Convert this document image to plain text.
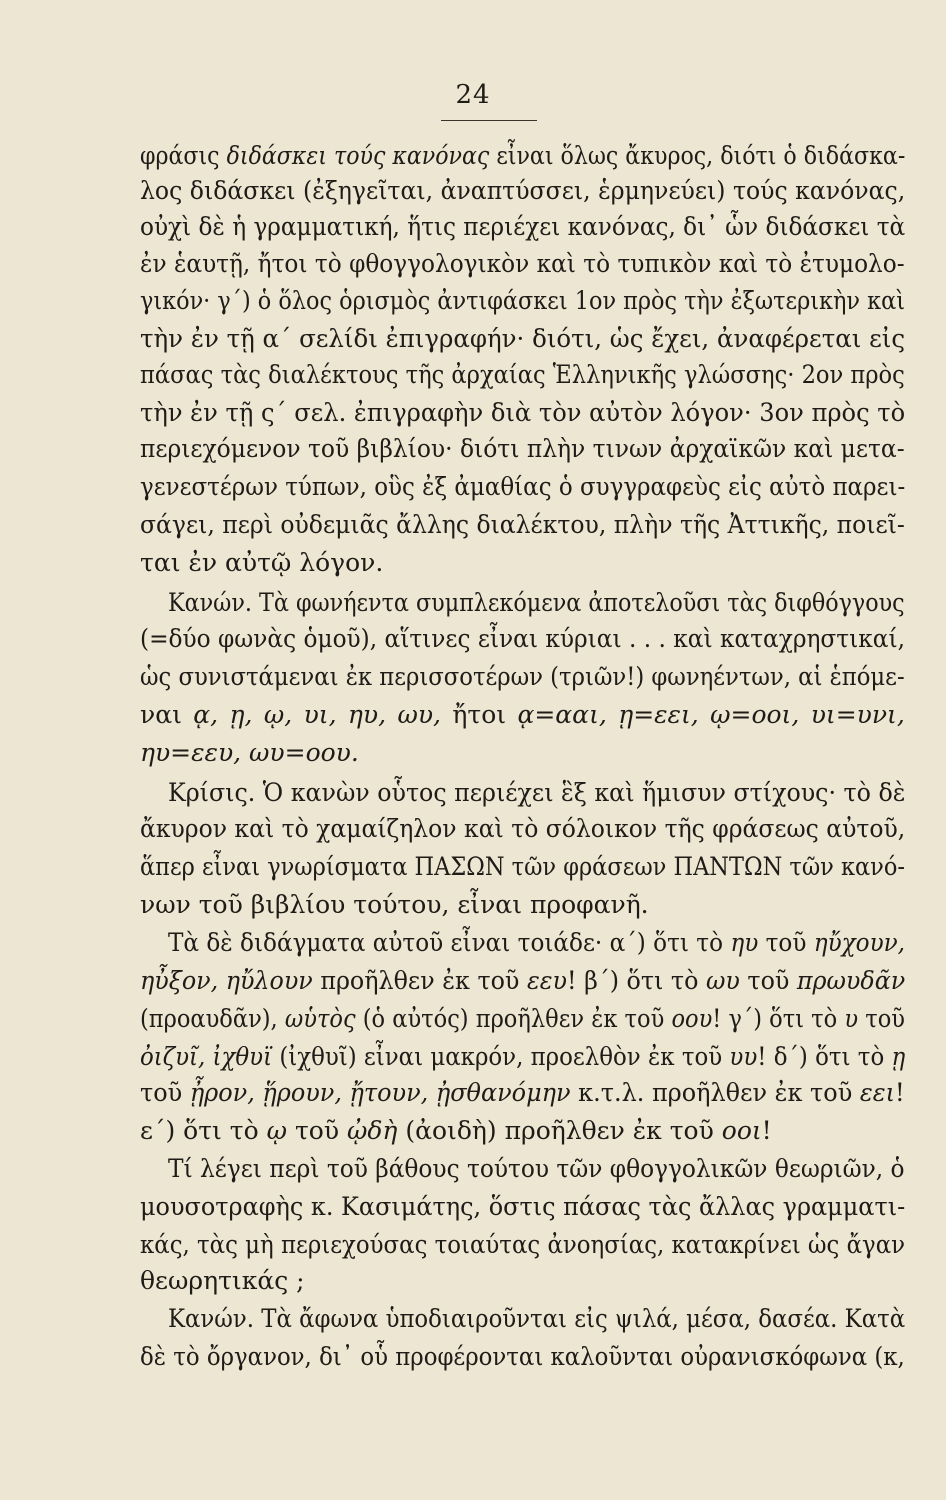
24
φράσις διδάσκει τούς κανόνας εἶναι ὅλως ἄκυρος, διότι ὁ διδάσκα-
λος διδάσκει (ἐξηγεῖται, ἀναπτύσσει, ἑρμηνεύει) τούς κανόνας,
οὐχὶ δὲ ἡ γραμματική, ἥτις περιέχει κανόνας, δι᾽ ὧν διδάσκει τὰ
ἐν ἑαυτῇ, ἤτοι τὸ φθογγολογικὸν καὶ τὸ τυπικὸν καὶ τὸ ἐτυμολο-
γικόν· γ΄) ὁ ὅλος ὁρισμὸς ἀντιφάσκει 1ον πρὸς τὴν ἐξωτερικὴν καὶ
τὴν ἐν τῇ α΄ σελίδι ἐπιγραφήν· διότι, ὡς ἔχει, ἀναφέρεται εἰς
πάσας τὰς διαλέκτους τῆς ἀρχαίας Ἑλληνικῆς γλώσσης· 2ον πρὸς
τὴν ἐν τῇ ς΄ σελ. ἐπιγραφὴν διὰ τὸν αὐτὸν λόγον· 3ον πρὸς τὸ
περιεχόμενον τοῦ βιβλίου· διότι πλὴν τινων ἀρχαϊκῶν καὶ μετα-
γενεστέρων τύπων, οὓς ἐξ ἀμαθίας ὁ συγγραφεὺς εἰς αὐτὸ παρει-
σάγει, περὶ οὐδεμιᾶς ἄλλης διαλέκτου, πλὴν τῆς Ἀττικῆς, ποιεῖ-
ται ἐν αὐτῷ λόγον.
Κανών. Τὰ φωνήεντα συμπλεκόμενα ἀποτελοῦσι τὰς διφθόγγους
(=δύο φωνὰς ὁμοῦ), αἵτινες εἶναι κύριαι . . . καὶ καταχρηστικαί,
ὡς συνιστάμεναι ἐκ περισσοτέρων (τριῶν!) φωνηέντων, αἱ ἑπόμε-
ναι ᾳ, ῃ, ῳ, υι, ηυ, ωυ, ἤτοι ᾳ=ααι, ῃ=εει, ῳ=οοι, υι=υνι,
ηυ=εευ, ωυ=οου.
Κρίσις. Ὁ κανὼν οὗτος περιέχει ἓξ καὶ ἥμισυν στίχους· τὸ δὲ
ἄκυρον καὶ τὸ χαμαίζηλον καὶ τὸ σόλοικον τῆς φράσεως αὐτοῦ,
ἅπερ εἶναι γνωρίσματα ΠΑΣΩΝ τῶν φράσεων ΠΑΝΤΩΝ τῶν κανό-
νων τοῦ βιβλίου τούτου, εἶναι προφανῆ.
Τὰ δὲ διδάγματα αὐτοῦ εἶναι τοιάδε· α΄) ὅτι τὸ ηυ τοῦ ηὔχουν,
ηὖξον, ηὔλουν προῆλθεν ἐκ τοῦ εευ! β΄) ὅτι τὸ ωυ τοῦ πρωυδᾶν
(προαυδᾶν), ωὑτὸς (ὁ αὐτός) προῆλθεν ἐκ τοῦ οου! γ΄) ὅτι τὸ υ τοῦ
ὀιζυῖ, ἰχθυϊ (ἰχθυῖ) εἶναι μακρόν, προελθὸν ἐκ τοῦ υυ! δ΄) ὅτι τὸ ῃ
τοῦ ᾖρον, ᾕρουν, ᾔτουν, ᾐσθανόμην κ.τ.λ. προῆλθεν ἐκ τοῦ εει!
ε΄) ὅτι τὸ ῳ τοῦ ᾠδὴ (ἀοιδὴ) προῆλθεν ἐκ τοῦ οοι!
Τί λέγει περὶ τοῦ βάθους τούτου τῶν φθογγολικῶν θεωριῶν, ὁ
μουσοτραφὴς κ. Κασιμάτης, ὅστις πάσας τὰς ἄλλας γραμματι-
κάς, τὰς μὴ περιεχούσας τοιαύτας ἀνοησίας, κατακρίνει ὡς ἄγαν
θεωρητικάς ;
Κανών. Τὰ ἄφωνα ὑποδιαιροῦνται εἰς ψιλά, μέσα, δασέα. Κατὰ
δὲ τὸ ὄργανον, δι᾽ οὗ προφέρονται καλοῦνται οὐρανισκόφωνα (κ,
